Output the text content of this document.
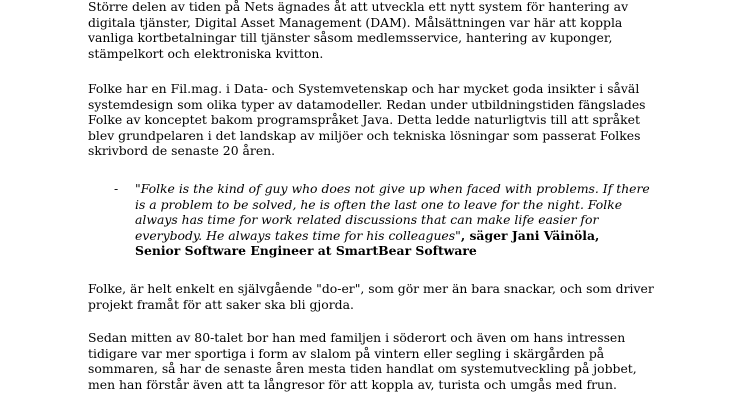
Större delen av tiden på Nets ägnades åt att utveckla ett nytt system för hantering av
digitala tjänster, Digital Asset Management (DAM). Målsättningen var här att koppla
vanliga kortbetalningar till tjänster såsom medlemsservice, hantering av kuponger,
stämpelkort och elektroniska kvitton.

Folke har en Fil.mag. i Data- och Systemvetenskap och har mycket goda insikter i såväl
systemdesign som olika typer av datamodeller. Redan under utbildningstiden fängslades
Folke av konceptet bakom programspråket Java. Detta ledde naturligtvis till att språket
blev grundpelaren i det landskap av miljöer och tekniska lösningar som passerat Folkes
skrivbord de senaste 20 åren.

- "Folke is the kind of guy who does not give up when faced with problems. If there
is a problem to be solved, he is often the last one to leave for the night. Folke
always has time for work related discussions that can make life easier for
everybody. He always takes time for his colleagues", säger Jani Väinöla,
Senior Software Engineer at SmartBear Software

Folke, är helt enkelt en självgående "do-er", som gör mer än bara snackar, och som driver
projekt framåt för att saker ska bli gjorda.

Sedan mitten av 80-talet bor han med familjen i söderort och även om hans intressen
tidigare var mer sportiga i form av slalom på vintern eller segling i skärgården på
sommaren, så har de senaste åren mesta tiden handlat om systemutveckling på jobbet,
men han förstår även att ta långresor för att koppla av, turista och umgås med frun.
